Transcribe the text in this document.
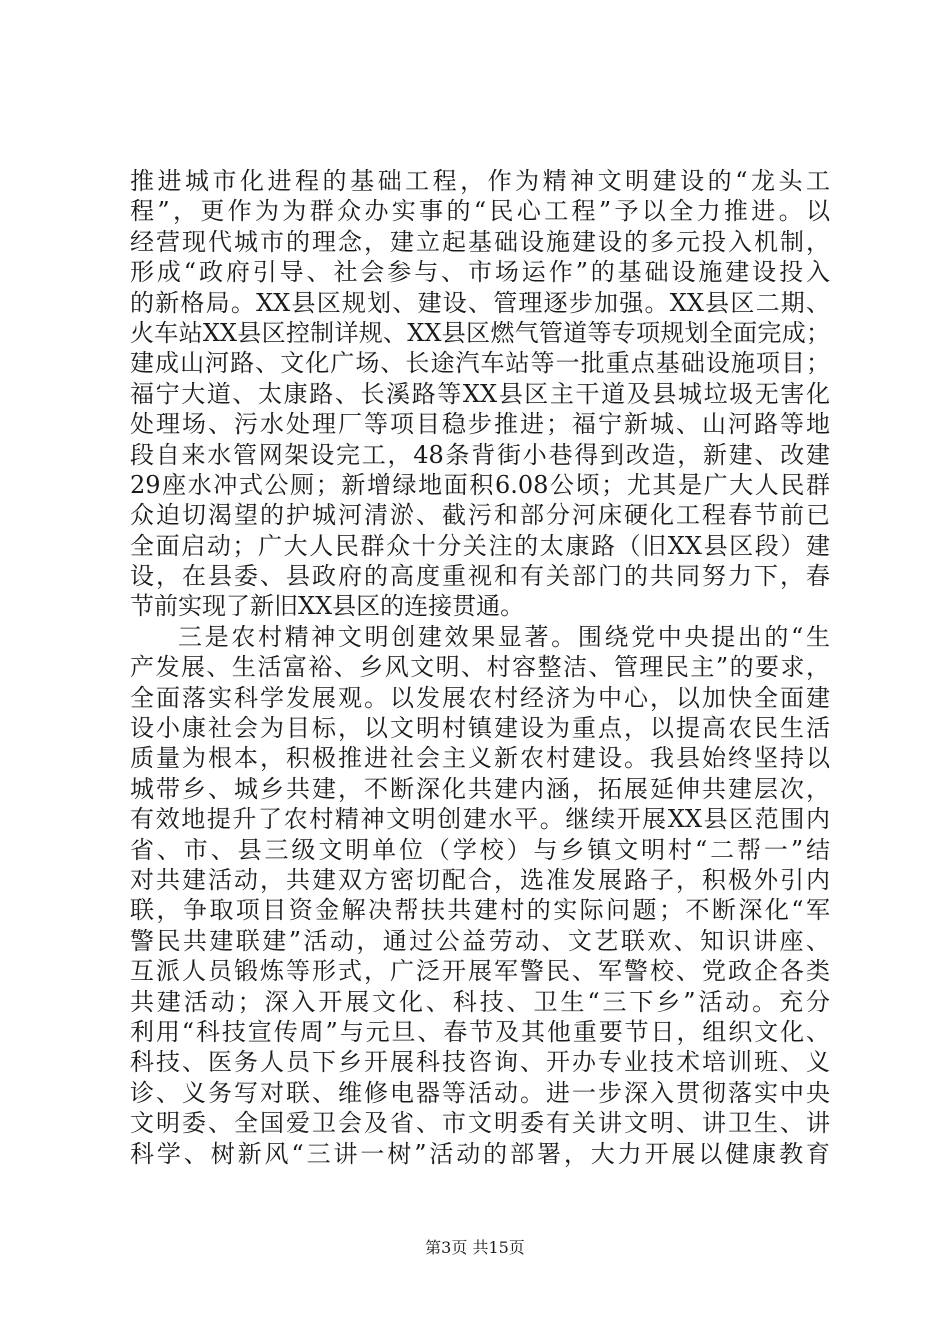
推进城市化进程的基础工程，作为精神文明建设的“龙头工
程”，更作为为群众办实事的“民心工程”予以全力推进。以
经营现代城市的理念，建立起基础设施建设的多元投入机制，
形成“政府引导、社会参与、市场运作”的基础设施建设投入
的新格局。XX县区规划、建设、管理逐步加强。XX县区二期、
火车站XX县区控制详规、XX县区燃气管道等专项规划全面完成；
建成山河路、文化广场、长途汽车站等一批重点基础设施项目；
福宁大道、太康路、长溪路等XX县区主干道及县城垃圾无害化
处理场、污水处理厂等项目稳步推进；福宁新城、山河路等地
段自来水管网架设完工，48条背街小巷得到改造，新建、改建
29座水冲式公厕；新增绿地面积6.08公顷；尤其是广大人民群
众迫切渴望的护城河清淤、截污和部分河床硬化工程春节前已
全面启动；广大人民群众十分关注的太康路（旧XX县区段）建
设，在县委、县政府的高度重视和有关部门的共同努力下，春
节前实现了新旧XX县区的连接贯通。
三是农村精神文明创建效果显著。围绕党中央提出的“生
产发展、生活富裕、乡风文明、村容整洁、管理民主”的要求，
全面落实科学发展观。以发展农村经济为中心，以加快全面建
设小康社会为目标，以文明村镇建设为重点，以提高农民生活
质量为根本，积极推进社会主义新农村建设。我县始终坚持以
城带乡、城乡共建，不断深化共建内涵，拓展延伸共建层次，
有效地提升了农村精神文明创建水平。继续开展XX县区范围内
省、市、县三级文明单位（学校）与乡镇文明村“二帮一”结
对共建活动，共建双方密切配合，选准发展路子，积极外引内
联，争取项目资金解决帮扶共建村的实际问题；不断深化“军
警民共建联建”活动，通过公益劳动、文艺联欢、知识讲座、
互派人员锻炼等形式，广泛开展军警民、军警校、党政企各类
共建活动；深入开展文化、科技、卫生“三下乡”活动。充分
利用“科技宣传周”与元旦、春节及其他重要节日，组织文化、
科技、医务人员下乡开展科技咨询、开办专业技术培训班、义
诊、义务写对联、维修电器等活动。进一步深入贯彻落实中央
文明委、全国爱卫会及省、市文明委有关讲文明、讲卫生、讲
科学、树新风“三讲一树”活动的部署，大力开展以健康教育
第3页 共15页
